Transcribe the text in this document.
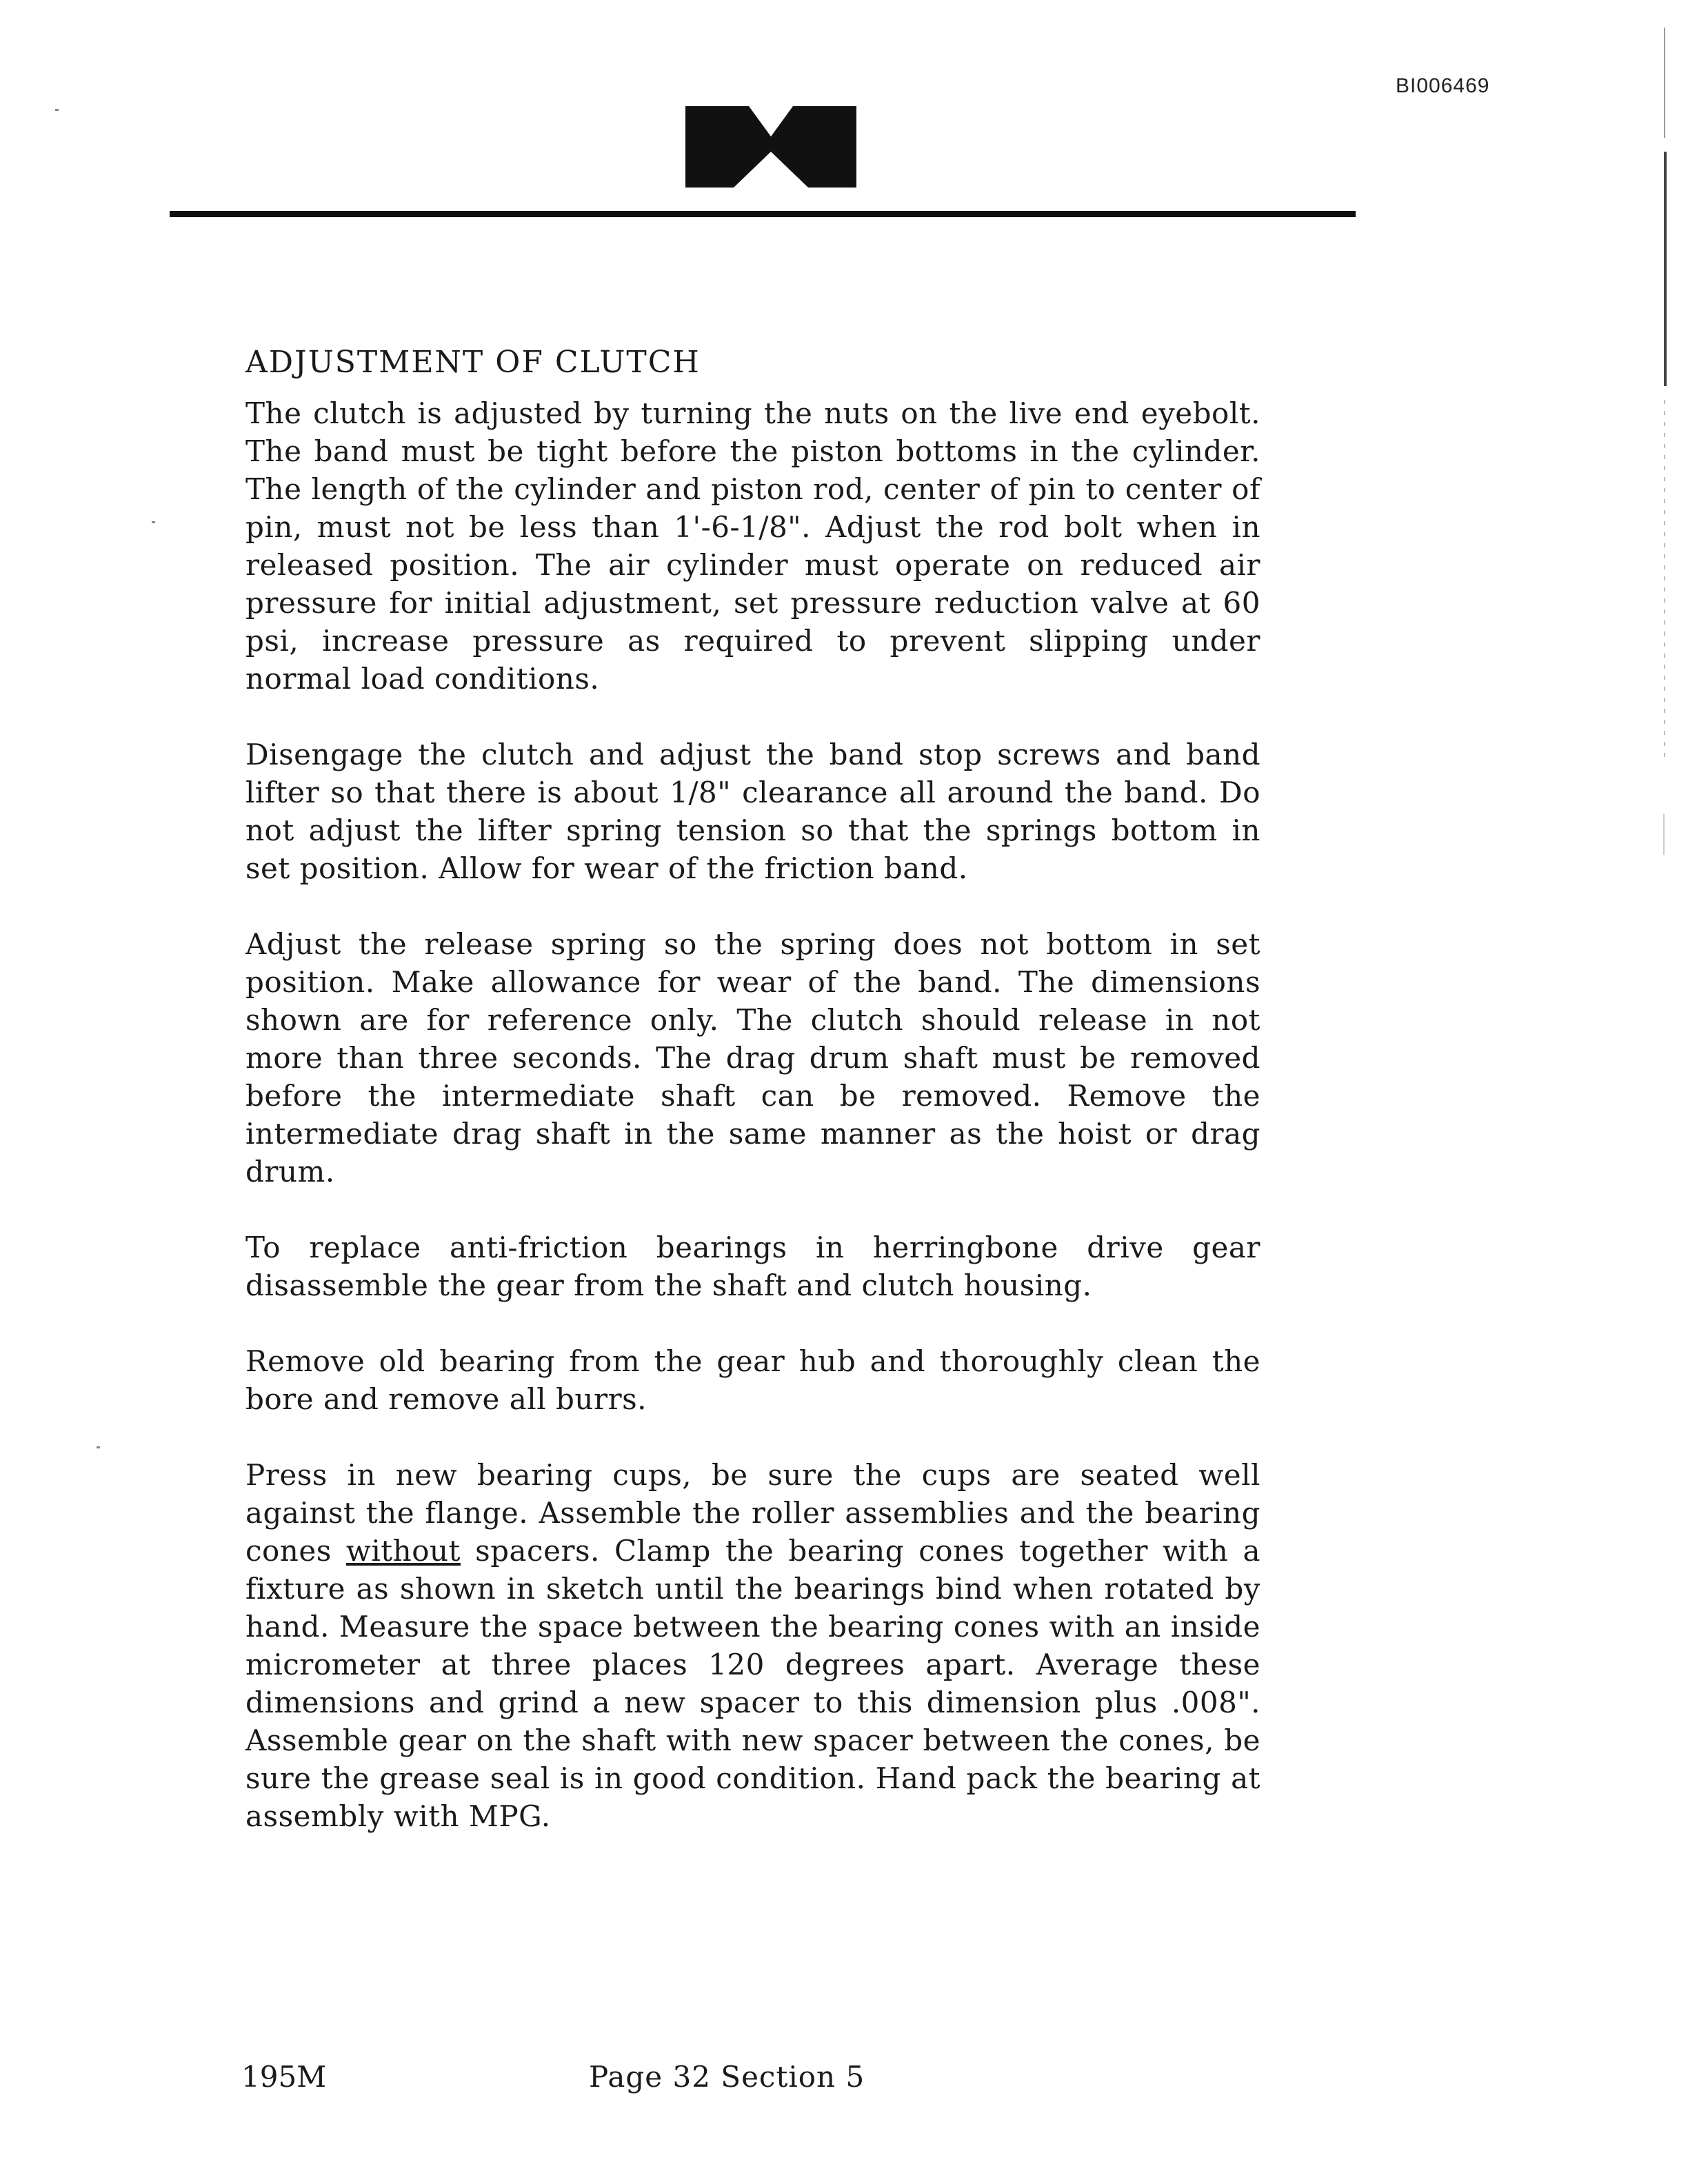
BI006469
ADJUSTMENT OF CLUTCH

The clutch is adjusted by turning the nuts on the live end eyebolt. The band must be tight before the piston bottoms in the cylinder. The length of the cylinder and piston rod, center of pin to center of pin, must not be less than 1'-6-1/8". Adjust the rod bolt when in released position. The air cylinder must operate on reduced air pressure for initial adjustment, set pressure reduction valve at 60 psi, increase pressure as required to prevent slipping under normal load conditions.

Disengage the clutch and adjust the band stop screws and band lifter so that there is about 1/8" clearance all around the band. Do not adjust the lifter spring tension so that the springs bottom in set position. Allow for wear of the friction band.

Adjust the release spring so the spring does not bottom in set position. Make allowance for wear of the band. The dimensions shown are for reference only. The clutch should release in not more than three seconds. The drag drum shaft must be removed before the intermediate shaft can be removed. Remove the intermediate drag shaft in the same manner as the hoist or drag drum.

To replace anti-friction bearings in herringbone drive gear disassemble the gear from the shaft and clutch housing.

Remove old bearing from the gear hub and thoroughly clean the bore and remove all burrs.

Press in new bearing cups, be sure the cups are seated well against the flange. Assemble the roller assemblies and the bearing cones without spacers. Clamp the bearing cones together with a fixture as shown in sketch until the bearings bind when rotated by hand. Measure the space between the bearing cones with an inside micrometer at three places 120 degrees apart. Average these dimensions and grind a new spacer to this dimension plus .008". Assemble gear on the shaft with new spacer between the cones, be sure the grease seal is in good condition. Hand pack the bearing at assembly with MPG.

195M	Page 32 Section 5
